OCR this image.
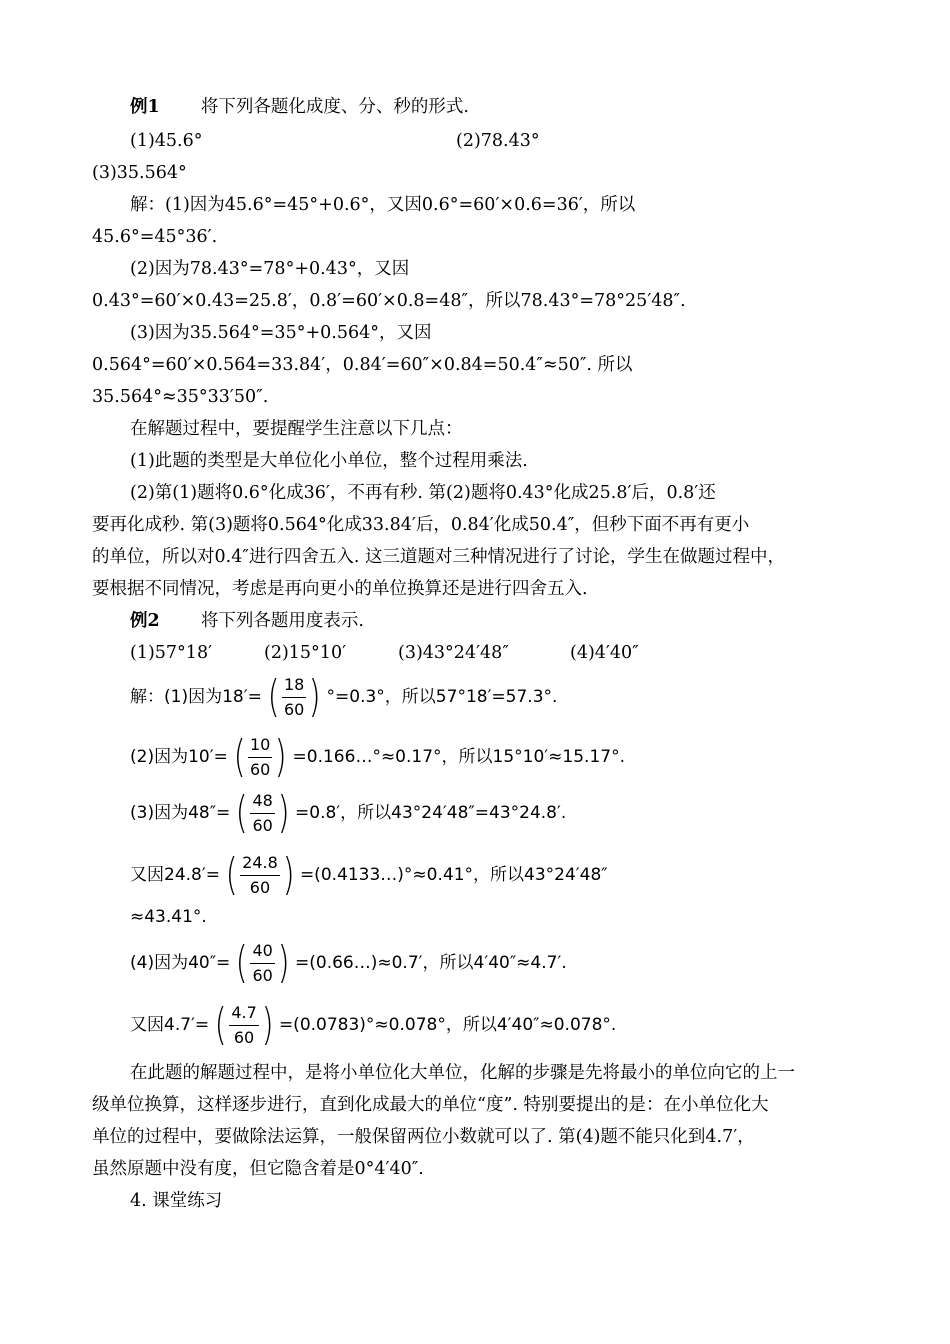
例1 将下列各题化成度、分、秒的形式.
(1)45.6°	(2)78.43°
(3)35.564°
解：(1)因为45.6°=45°+0.6°，又因0.6°=60′×0.6=36′，所以
45.6°=45°36′.
(2)因为78.43°=78°+0.43°，又因
0.43°=60′×0.43=25.8′，0.8′=60′×0.8=48″，所以78.43°=78°25′48″.
(3)因为35.564°=35°+0.564°，又因
0.564°=60′×0.564=33.84′，0.84′=60″×0.84=50.4″≈50″. 所以
35.564°≈35°33′50″.
在解题过程中，要提醒学生注意以下几点：
(1)此题的类型是大单位化小单位，整个过程用乘法.
(2)第(1)题将0.6°化成36′，不再有秒. 第(2)题将0.43°化成25.8′后，0.8′还
要再化成秒. 第(3)题将0.564°化成33.84′后，0.84′化成50.4″，但秒下面不再有更小
的单位，所以对0.4″进行四舍五入. 这三道题对三种情况进行了讨论，学生在做题过程中，
要根据不同情况，考虑是再向更小的单位换算还是进行四舍五入.
例2 将下列各题用度表示.
(1)57°18′	(2)15°10′	(3)43°24′48″	(4)4′40″
解：(1)因为18′= ( 18
60 ) °=0.3°，所以57°18′=57.3°.
(2)因为10′= ( 10
60 ) =0.166…°≈0.17°，所以15°10′≈15.17°.
(3)因为48″= ( 48
60 ) =0.8′，所以43°24′48″=43°24.8′.
又因24.8′= ( 24.8
60 ) =(0.4133…)°≈0.41°，所以43°24′48″
≈43.41°.
(4)因为40″= ( 40
60 ) =(0.66…)≈0.7′，所以4′40″≈4.7′.
又因4.7′= ( 4.7
60 ) =(0.0783)°≈0.078°，所以4′40″≈0.078°.
在此题的解题过程中，是将小单位化大单位，化解的步骤是先将最小的单位向它的上一
级单位换算，这样逐步进行，直到化成最大的单位“度”. 特别要提出的是：在小单位化大
单位的过程中，要做除法运算，一般保留两位小数就可以了. 第(4)题不能只化到4.7′，
虽然原题中没有度，但它隐含着是0°4′40″.
4. 课堂练习
